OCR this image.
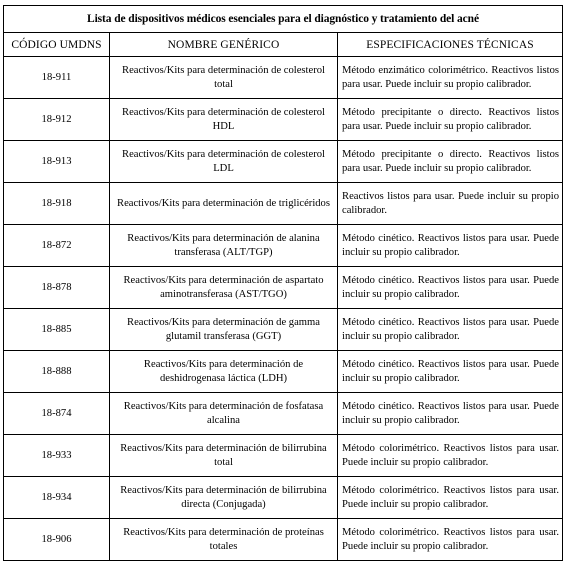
Lista de dispositivos médicos esenciales para el diagnóstico y tratamiento del acné		
CÓDIGO UMDNS	NOMBRE GENÉRICO	ESPECIFICACIONES TÉCNICAS
18-911	Reactivos/Kits para determinación de colesterol total	Método enzimático colorimétrico. Reactivos listos para usar. Puede incluir su propio calibrador.
18-912	Reactivos/Kits para determinación de colesterol HDL	Método precipitante o directo. Reactivos listos para usar. Puede incluir su propio calibrador.
18-913	Reactivos/Kits para determinación de colesterol LDL	Método precipitante o directo. Reactivos listos para usar. Puede incluir su propio calibrador.
18-918	Reactivos/Kits para determinación de triglicéridos	Reactivos listos para usar. Puede incluir su propio calibrador.
18-872	Reactivos/Kits para determinación de alanina transferasa (ALT/TGP)	Método cinético. Reactivos listos para usar. Puede incluir su propio calibrador.
18-878	Reactivos/Kits para determinación de aspartato aminotransferasa (AST/TGO)	Método cinético. Reactivos listos para usar. Puede incluir su propio calibrador.
18-885	Reactivos/Kits para determinación de gamma glutamil transferasa (GGT)	Método cinético. Reactivos listos para usar. Puede incluir su propio calibrador.
18-888	Reactivos/Kits para determinación de deshidrogenasa láctica (LDH)	Método cinético. Reactivos listos para usar. Puede incluir su propio calibrador.
18-874	Reactivos/Kits para determinación de fosfatasa alcalina	Método cinético. Reactivos listos para usar. Puede incluir su propio calibrador.
18-933	Reactivos/Kits para determinación de bilirrubina total	Método colorimétrico. Reactivos listos para usar. Puede incluir su propio calibrador.
18-934	Reactivos/Kits para determinación de bilirrubina directa (Conjugada)	Método colorimétrico. Reactivos listos para usar. Puede incluir su propio calibrador.
18-906	Reactivos/Kits para determinación de proteínas totales	Método colorimétrico. Reactivos listos para usar. Puede incluir su propio calibrador.
